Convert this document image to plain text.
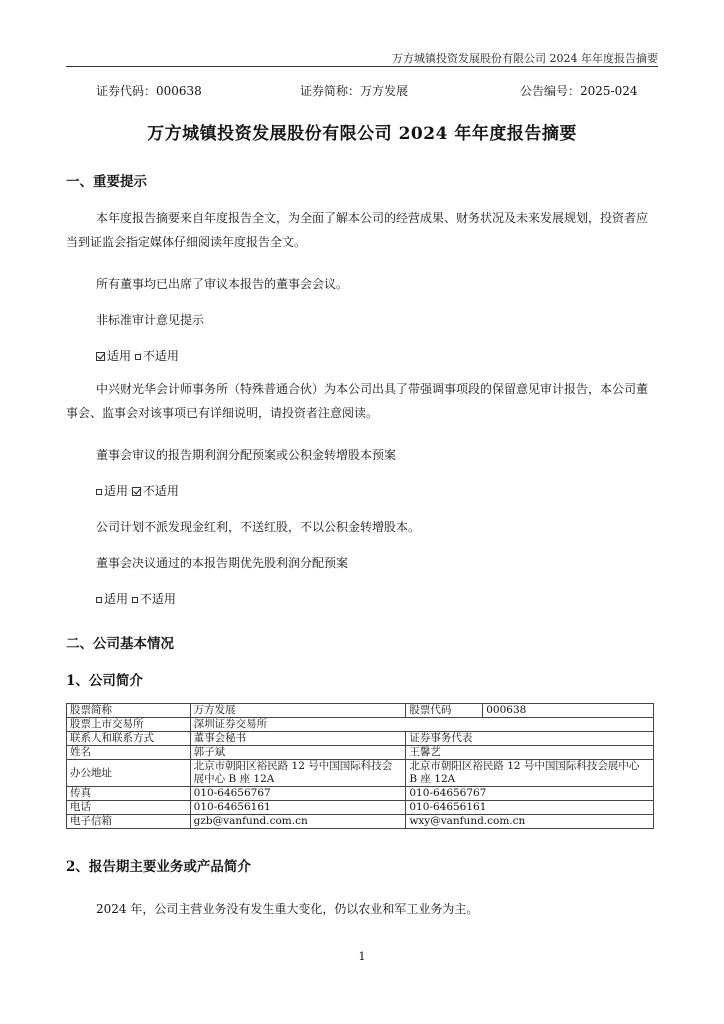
万方城镇投资发展股份有限公司 2024 年年度报告摘要
证券代码：000638	证券简称：万方发展	公告编号：2025-024
万方城镇投资发展股份有限公司 2024 年年度报告摘要
一、重要提示
本年度报告摘要来自年度报告全文，为全面了解本公司的经营成果、财务状况及未来发展规划，投资者应当到证监会指定媒体仔细阅读年度报告全文。
所有董事均已出席了审议本报告的董事会会议。
非标准审计意见提示
适用 不适用
中兴财光华会计师事务所（特殊普通合伙）为本公司出具了带强调事项段的保留意见审计报告，本公司董事会、监事会对该事项已有详细说明，请投资者注意阅读。
董事会审议的报告期利润分配预案或公积金转增股本预案
适用 不适用
公司计划不派发现金红利，不送红股，不以公积金转增股本。
董事会决议通过的本报告期优先股利润分配预案
适用 不适用
二、公司基本情况
1、公司简介
股票简称	万方发展	股票代码	000638
股票上市交易所	深圳证券交易所		
联系人和联系方式	董事会秘书	证券事务代表	
姓名	郭子斌	王馨艺	
办公地址	北京市朝阳区裕民路 12 号中国国际科技会展中心 B 座 12A	北京市朝阳区裕民路 12 号中国国际科技会展中心 B 座 12A	
传真	010-64656767	010-64656767	
电话	010-64656161	010-64656161	
电子信箱	gzb@vanfund.com.cn	wxy@vanfund.com.cn	
2、报告期主要业务或产品简介
2024 年，公司主营业务没有发生重大变化，仍以农业和军工业务为主。
1
